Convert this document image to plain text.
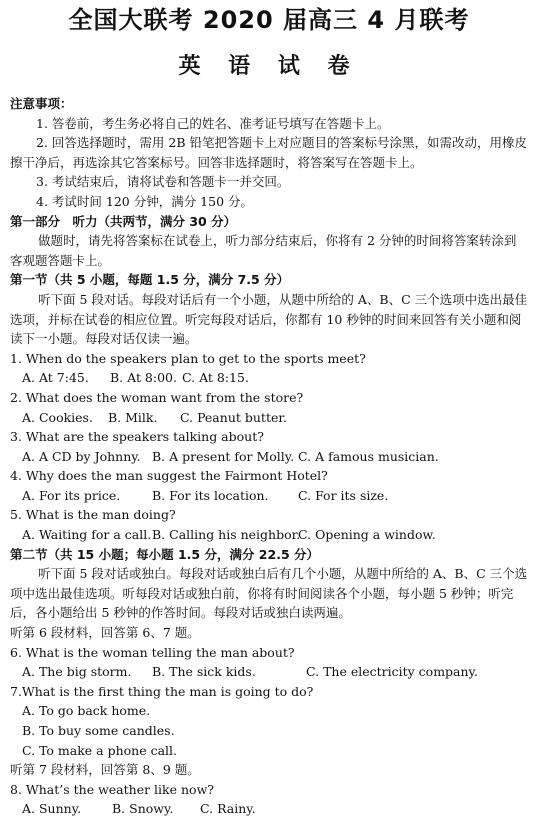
全国大联考 2020 届高三 4 月联考
英 语 试 卷
注意事项：
1. 答卷前，考生务必将自己的姓名、准考证号填写在答题卡上。
2. 回答选择题时，需用 2B 铅笔把答题卡上对应题目的答案标号涂黑，如需改动，用橡皮擦干净后，再选涂其它答案标号。回答非选择题时，将答案写在答题卡上。
3. 考试结束后，请将试卷和答题卡一并交回。
4. 考试时间 120 分钟，满分 150 分。
第一部分　听力（共两节，满分 30 分）
做题时，请先将答案标在试卷上，听力部分结束后，你将有 2 分钟的时间将答案转涂到客观题答题卡上。
第一节（共 5 小题，每题 1.5 分，满分 7.5 分）
听下面 5 段对话。每段对话后有一个小题，从题中所给的 A、B、C 三个选项中选出最佳选项，并标在试卷的相应位置。听完每段对话后，你都有 10 秒钟的时间来回答有关小题和阅读下一小题。每段对话仅读一遍。
1. When do the speakers plan to get to the sports meet?
A. At 7:45.	B. At 8:00. C. At 8:15.
2. What does the woman want from the store?
A. Cookies.	B. Milk.	C. Peanut butter.
3. What are the speakers talking about?
A. A CD by Johnny. B. A present for Molly. C. A famous musician.
4. Why does the man suggest the Fairmont Hotel?
A. For its price.	B. For its location.	C. For its size.
5. What is the man doing?
A. Waiting for a call. B. Calling his neighbor.
C. Opening a window.
第二节（共 15 小题；每小题 1.5 分，满分 22.5 分）
听下面 5 段对话或独白。每段对话或独白后有几个小题，从题中所给的 A、B、C 三个选项中选出最佳选项。听每段对话或独白前，你将有时间阅读各个小题，每小题 5 秒钟；听完后，各小题给出 5 秒钟的作答时间。每段对话或独白读两遍。
听第 6 段材料，回答第 6、7 题。
6. What is the woman telling the man about?
A. The big storm.	B. The sick kids.	C. The electricity company.
7.What is the first thing the man is going to do?
A. To go back home.
B. To buy some candles.
C. To make a phone call.
听第 7 段材料，回答第 8、9 题。
8. What’s the weather like now?
A. Sunny.	B. Snowy.	C. Rainy.
